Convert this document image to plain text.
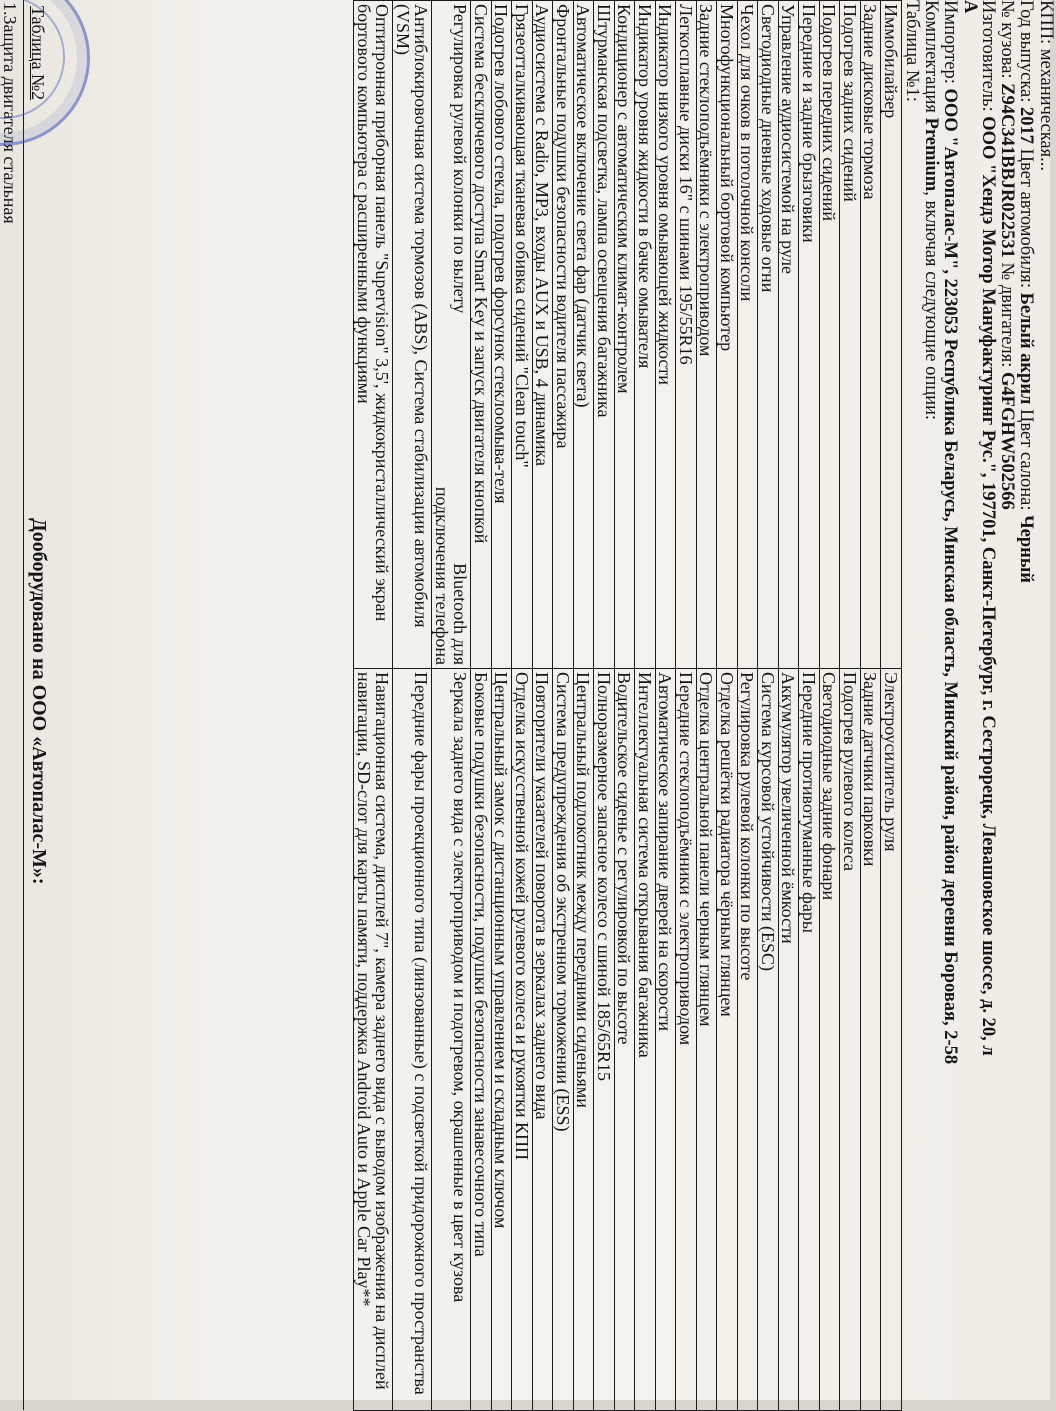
КПП: механическая...
Год выпуска: 2017 Цвет автомобиля: Белый акрил Цвет салона: Черный
№ кузова: Z94C341BBJR022531 № двигателя: G4FGHW502566
Изготовитель: ООО "Хендэ Мотор Мануфактуринг Рус.", 197701, Санкт-Петербург, г. Сестрорецк, Левашовское шоссе, д. 20, л
А
Импортер: ООО "Автопалас-М", 223053 Республика Беларусь, Минская область, Минский район, район деревни Боровая, 2-58
Комплектация Premium, включая следующие опции:
Таблица №1:
Иммобилайзер	Электроусилитель руля
Задние дисковые тормоза	Задние датчики парковки
Подогрев задних сидений	Подогрев рулевого колеса
Подогрев передних сидений	Светодиодные задние фонари
Передние и задние брызговики	Передние противотуманные фары
Управление аудиосистемой на руле	Аккумулятор увеличенной ёмкости
Светодиодные дневные ходовые огни	Система курсовой устойчивости (ESC)
Чехол для очков в потолочной консоли	Регулировка рулевой колонки по высоте
Многофункциональный бортовой компьютер	Отделка решётки радиатора чёрным глянцем
Задние стеклоподъёмники с электроприводом	Отделка центральной панели черным глянцем
Легкосплавные диски 16" с шинами 195/55R16	Передние стеклоподъёмники с электроприводом
Индикатор низкого уровня омывающей жидкости	Автоматическое запирание дверей на скорости
Индикатор уровня жидкости в бачке омывателя	Интеллектуальная система открывания багажника
Кондиционер с автоматическим климат-контролем	Водительское сиденье с регулировкой по высоте
Штурманская подсветка, лампа освещения багажника	Полноразмерное запасное колесо с шиной 185/65R15
Автоматическое включение света фар (датчик света)	Центральный подлокотник между передними сиденьями
Фронтальные подушки безопасности водителя пассажира	Система предупреждения об экстренном торможении (ESS)
Аудиосистема с Radio, MP3, входы AUX и USB, 4 динамика	Повторители указателей поворота в зеркалах заднего вида
Грязеотталкивающая тканевая обивка сидений "Clean touch"	Отделка искусственной кожей рулевого колеса и рукоятки КПП
Подогрев лобового стекла, подогрев форсунок стеклоомыва-теля	Центральный замок с дистанционным управлением и складным ключом
Система бесключевого доступа Smart Key и запуск двигателя кнопкой	Боковые подушки безопасности, подушки безопасности занавесочного типа

Регулировка рулевой колонки по вылету
Bluetooth для подключения телефона	Зеркала заднего вида с электроприводом и подогревом, окрашенные в цвет кузова
Антиблокировочная система тормозов (ABS), Система стабилизации автомобиля (VSM)	Передние фары проекционного типа (линзованные) с подсветкой придорожного пространства
Оптитронная приборная панель "Supervision" 3,5', жидкокристаллический экран бортового компьютера с расширенными функциями	Навигационная система, дисплей 7", камера заднего вида с выводом изображения на дисплей навигации, SD-слот для карты памяти, поддержка Android Auto и Apple Car Play**
Дооборудовано на ООО «Автопалас-М»:
Таблица №2
1.Защита двигателя стальная
